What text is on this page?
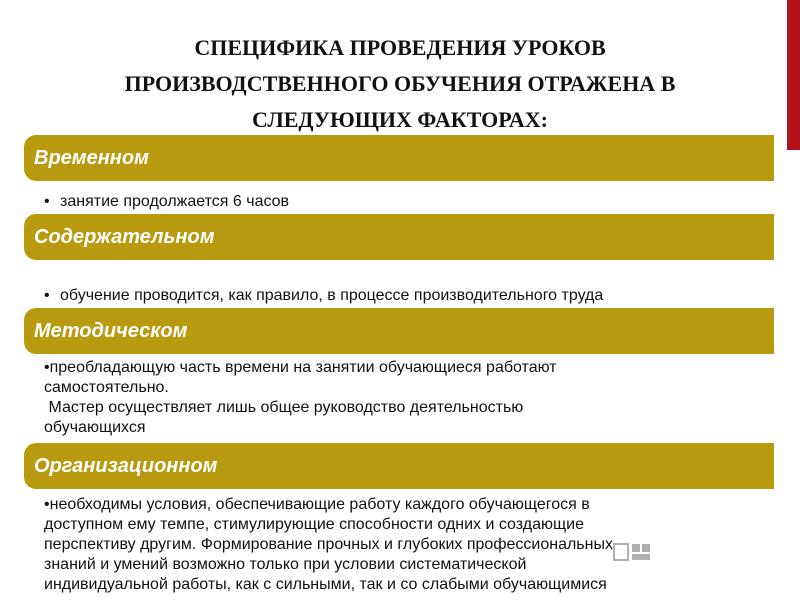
СПЕЦИФИКА ПРОВЕДЕНИЯ УРОКОВ
ПРОИЗВОДСТВЕННОГО ОБУЧЕНИЯ ОТРАЖЕНА В
СЛЕДУЮЩИХ ФАКТОРАХ:
Временном
• занятие продолжается 6 часов
Содержательном
• обучение проводится, как правило, в процессе производительного труда
Методическом
•преобладающую часть времени на занятии обучающиеся работают
самостоятельно.
Мастер осуществляет лишь общее руководство деятельностью
обучающихся
Организационном
•необходимы условия, обеспечивающие работу каждого обучающегося в
доступном ему темпе, стимулирующие способности одних и создающие
перспективу другим. Формирование прочных и глубоких профессиональных
знаний и умений возможно только при условии систематической
индивидуальной работы, как с сильными, так и со слабыми обучающимися
